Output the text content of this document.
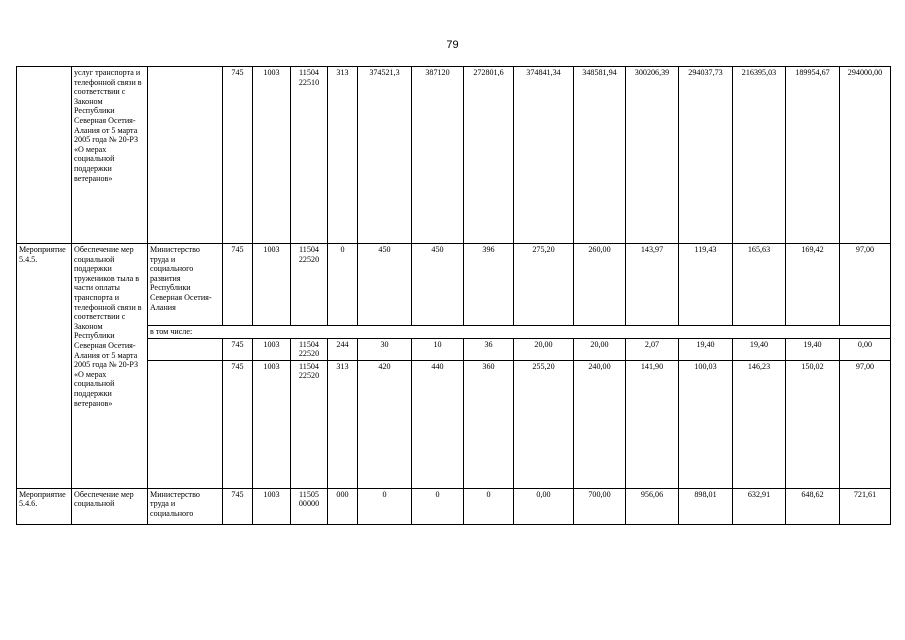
79
	услуг транспорта и телефонной связи в соответствии с Законом Республики Северная Осетия-Алания от 5 марта 2005 года № 20-РЗ «О мерах социальной поддержки ветеранов»		745	1003	11504 22510	313	374521,3	387120	272801,6	374841,34	348581,94	300206,39	294037,73	216395,03	189954,67	294000,00
Мероприятие 5.4.5.	Обеспечение мер социальной поддержки тружеников тыла в части оплаты транспорта и телефонной связи в соответствии с Законом Республики Северная Осетия-Алания от 5 марта 2005 года № 20-РЗ «О мерах социальной поддержки ветеранов»	Министерство труда и социального развития Республики Северная Осетия-Алания	745	1003	11504 22520	0	450	450	396	275,20	260,00	143,97	119,43	165,63	169,42	97,00
		в том числе:														
			745	1003	11504 22520	244	30	10	36	20,00	20,00	2,07	19,40	19,40	19,40	0,00
			745	1003	11504 22520	313	420	440	360	255,20	240,00	141,90	100,03	146,23	150,02	97,00
Мероприятие 5.4.6.	Обеспечение мер социальной	Министерство труда и социального	745	1003	11505 00000	000	0	0	0	0,00	700,00	956,06	898,01	632,91	648,62	721,61
